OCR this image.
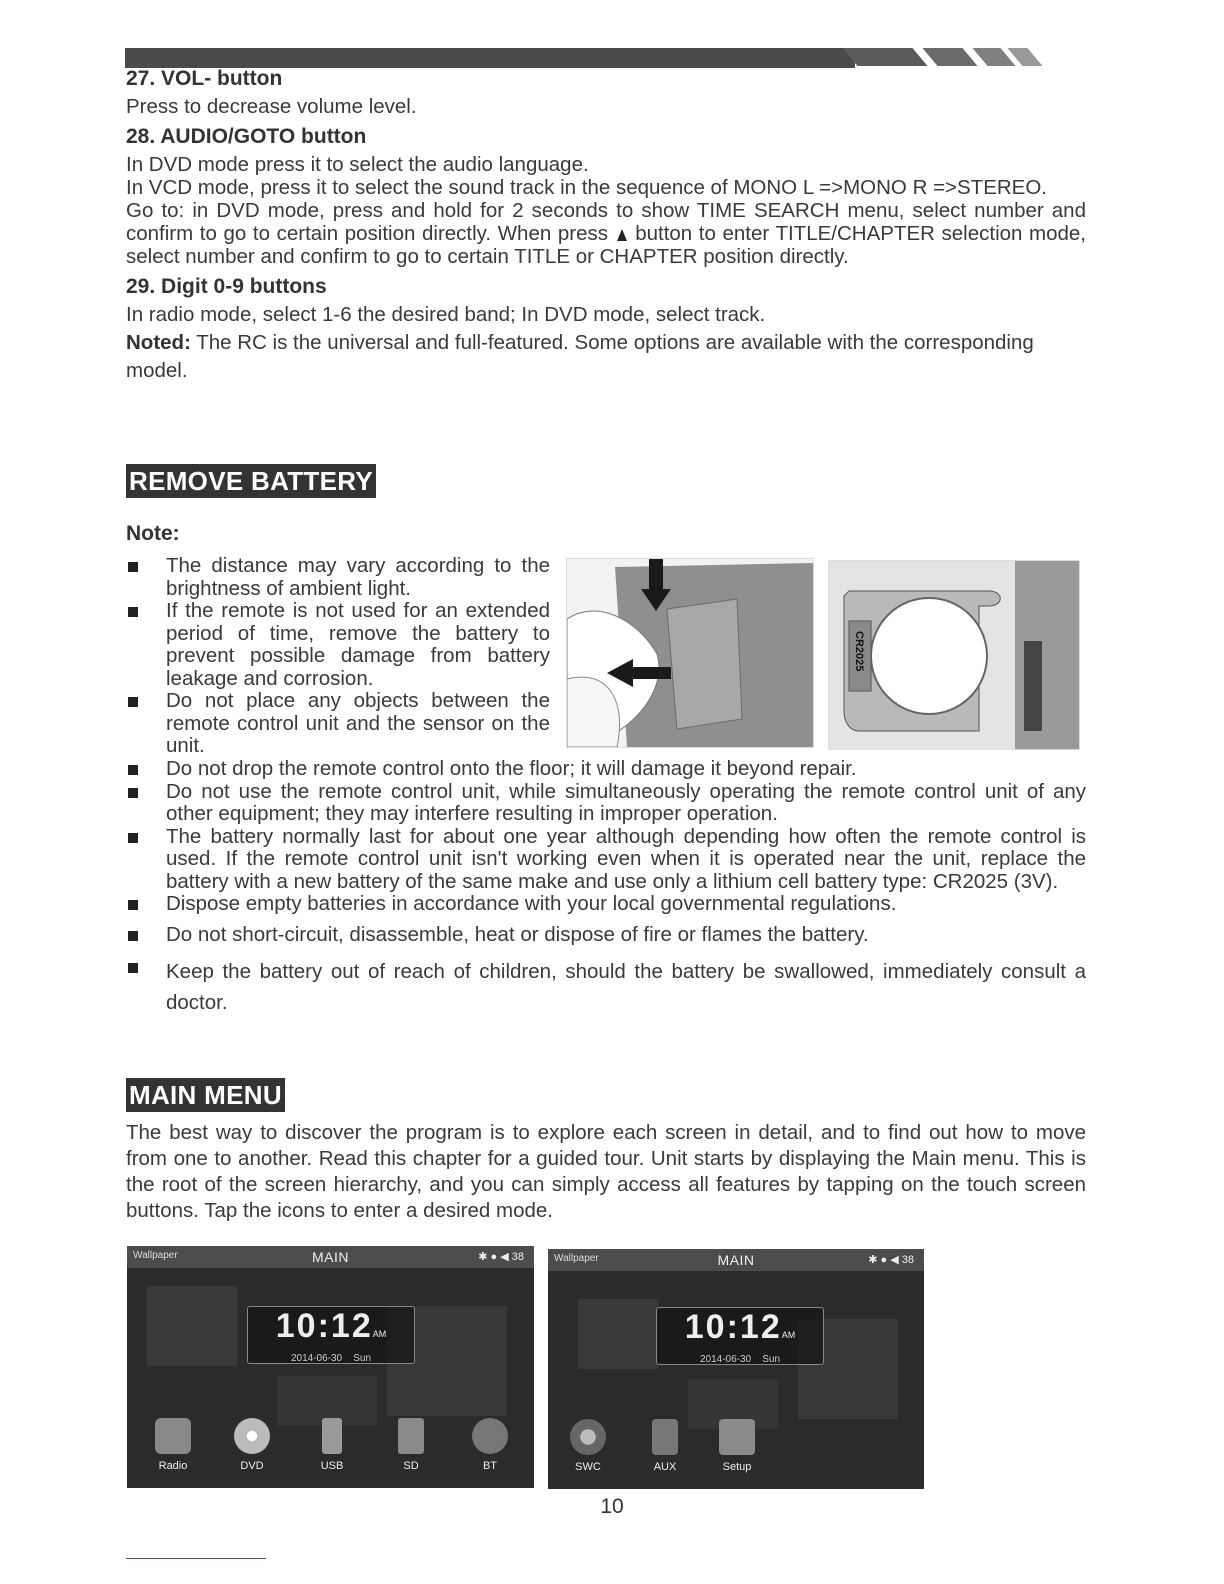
27. VOL- button

Press to decrease volume level.

28. AUDIO/GOTO button

In DVD mode press it to select the audio language.

In VCD mode, press it to select the sound track in the sequence of MONO L =>MONO R =>STEREO.

Go to: in DVD mode, press and hold for 2 seconds to show TIME SEARCH menu, select number and confirm to go to certain position directly. When press button to enter TITLE/CHAPTER selection mode, select number and confirm to go to certain TITLE or CHAPTER position directly.

29. Digit 0-9 buttons

In radio mode, select 1-6 the desired band; In DVD mode, select track.

Noted: The RC is the universal and full-featured. Some options are available with the corresponding model.

REMOVE BATTERY
Note:
The distance may vary according to the brightness of ambient light.
If the remote is not used for an extended period of time, remove the battery to prevent possible damage from battery leakage and corrosion.
Do not place any objects between the remote control unit and the sensor on the unit.
Do not drop the remote control onto the floor; it will damage it beyond repair.
Do not use the remote control unit, while simultaneously operating the remote control unit of any other equipment; they may interfere resulting in improper operation.
The battery normally last for about one year although depending how often the remote control is used. If the remote control unit isn't working even when it is operated near the unit, replace the battery with a new battery of the same make and use only a lithium cell battery type: CR2025 (3V).
Dispose empty batteries in accordance with your local governmental regulations.
Do not short-circuit, disassemble, heat or dispose of fire or flames the battery.
Keep the battery out of reach of children, should the battery be swallowed, immediately consult a doctor.
CR2025
MAIN MENU

The best way to discover the program is to explore each screen in detail, and to find out how to move from one to another. Read this chapter for a guided tour. Unit starts by displaying the Main menu. This is the root of the screen hierarchy, and you can simply access all features by tapping on the touch screen buttons. Tap the icons to enter a desired mode.

Wallpaper	MAIN	✱ ● ◀ 38
10:12AM
2014-06-30 Sun
Radio	DVD	USB	SD	BT
Wallpaper	MAIN	✱ ● ◀ 38
10:12AM
2014-06-30 Sun
SWC	AUX	Setup
10
